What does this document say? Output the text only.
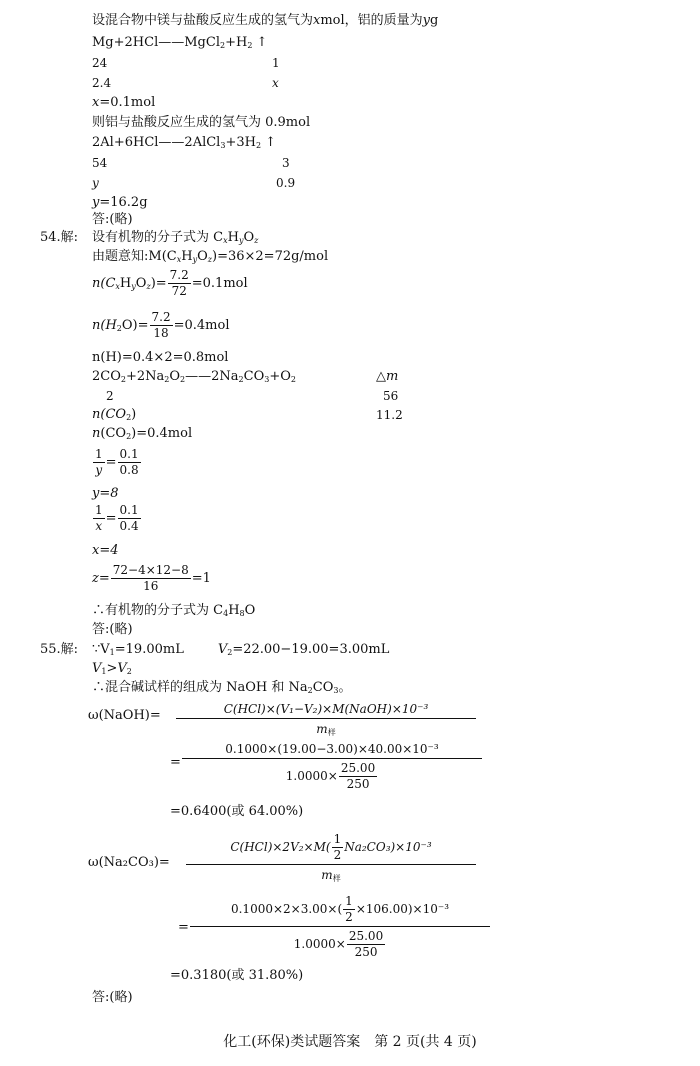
设混合物中镁与盐酸反应生成的氢气为xmol，铝的质量为yg
$Mg+2HCl——MgCl_2+H_2$ ↑
24	1
2.4	x
x=0.1mol
则铝与盐酸反应生成的氢气为 0.9mol
$2Al+6HCl——2AlCl_3+3H_2$ ↑
54	3
y	0.9
y=16.2g
答:(略)
54.解: 设有机物的分子式为 $C_xH_yO_z$
由题意知$:M(C_xH_yO_z)=36\times 2=72g$/mol
$n(C_xH_yO_z)= \frac{7.2}{72} =0.1mol$
$n(H_2O)= \frac{7.2}{18} =0.4mol$
n(H)=0.4×2=0.8mol
$2CO_2+2Na_2O_2——2Na_2CO_3+O_2$	△m
2	56
$n(CO_2)$	11.2
$n(CO_2)=0.4mol$
$\frac{1}{y} = \frac{0.1}{0.8}$
y=8
$\frac{1}{x} = \frac{0.1}{0.4}$
x=4
$z= \frac{72-4\times 12-8}{16} =1$
∴有机物的分子式为 $C_4H_8O$
答:(略)
55.解: $\because V_1=19.00mL$	$V_2=22.00-19.00=3.00mL$
$V_1>V_2$
∴混合碱试样的组成为 NaOH 和 $Na_2CO_3$。
ω(NaOH)=	C(HCl)×(V₁−V₂)×M(NaOH)×10⁻³
$m_样$
=
0.1000×(19.00−3.00)×40.00×10⁻³
$1.0000\times \frac{25.00}{250}$
=0.6400(或 64.00%)
ω(Na₂CO₃)=
$C(HCl)\times 2V_2\times M( \frac{1}{2} Na_2CO_3)\times 10^{-3}$
$m_样$
=
$0.1000\times 2\times 3.00\times( \frac{1}{2} \times 106.00)\times 10^{-3}$
$1.0000\times \frac{25.00}{250}$
=0.3180(或 31.80%)
答:(略)
化工(环保)类试题答案　第 2 页(共 4 页)
